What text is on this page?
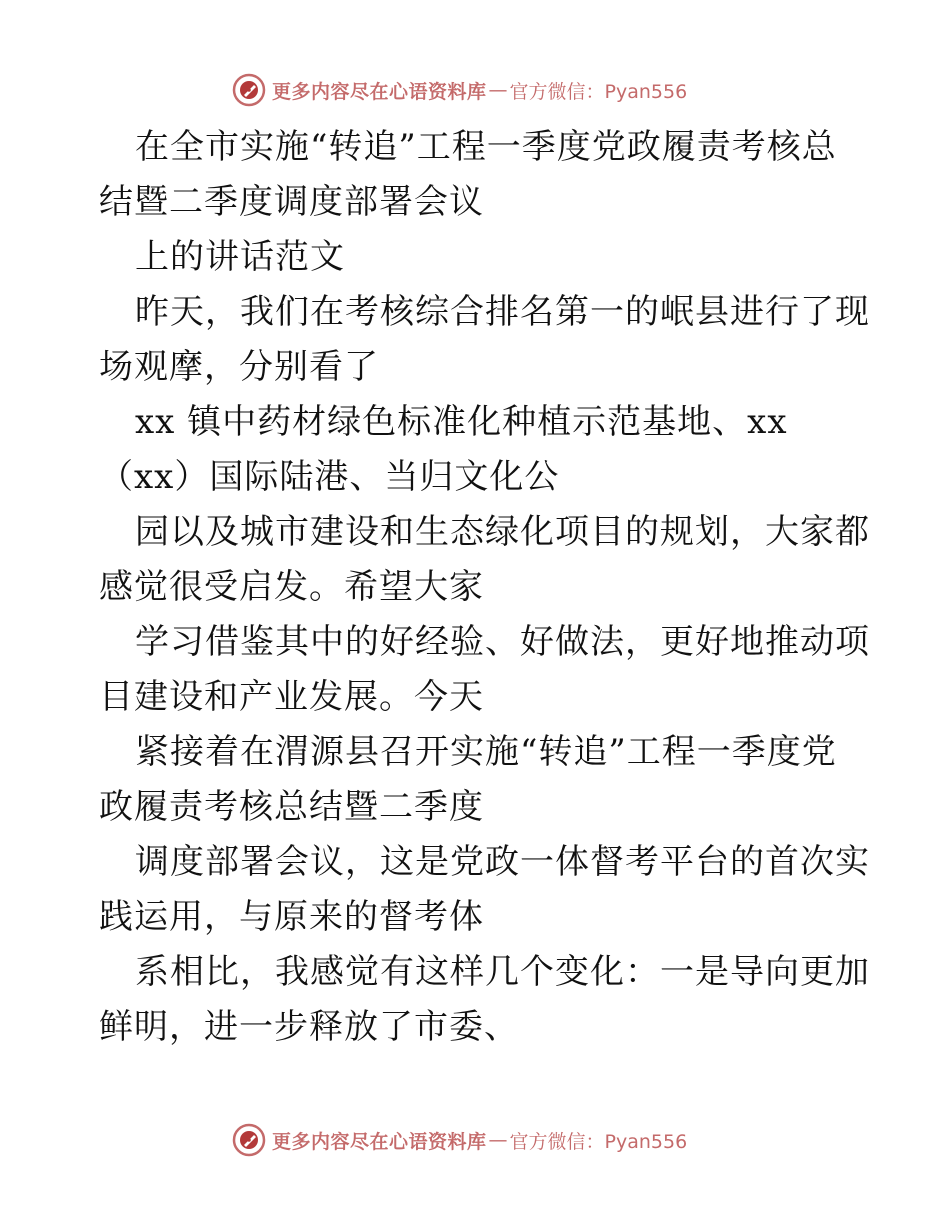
更多内容尽在心语资料库 — 官方微信：Pyan556

在全市实施“转追”工程一季度党政履责考核总
结暨二季度调度部署会议

上的讲话范文

昨天，我们在考核综合排名第一的岷县进行了现
场观摩，分别看了

xx 镇中药材绿色标准化种植示范基地、xx
（xx）国际陆港、当归文化公

园以及城市建设和生态绿化项目的规划，大家都
感觉很受启发。希望大家

学习借鉴其中的好经验、好做法，更好地推动项
目建设和产业发展。今天

紧接着在渭源县召开实施“转追”工程一季度党
政履责考核总结暨二季度

调度部署会议，这是党政一体督考平台的首次实
践运用，与原来的督考体

系相比，我感觉有这样几个变化：一是导向更加
鲜明，进一步释放了市委、

更多内容尽在心语资料库 — 官方微信：Pyan556
